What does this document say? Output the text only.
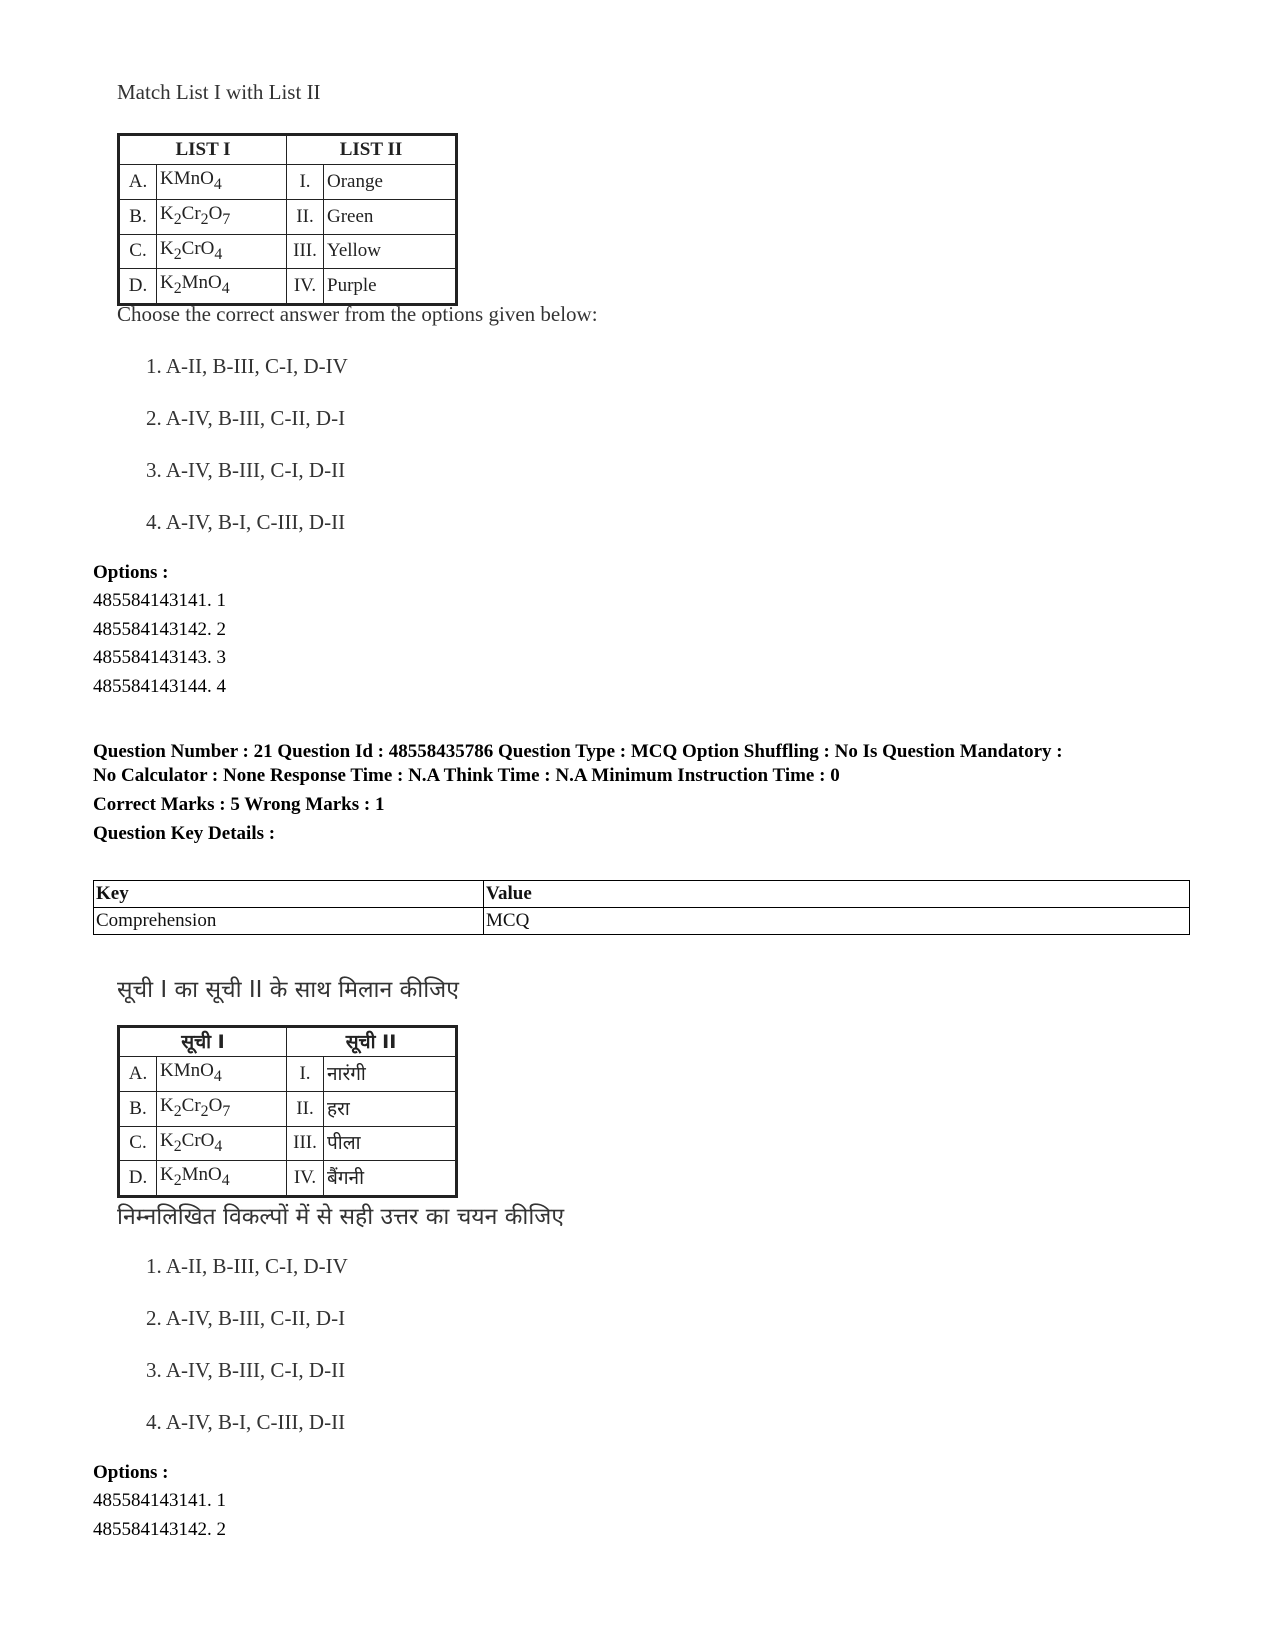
Match List I with List II
LIST I		LIST II	
A.	KMnO$_4$	I.	Orange
B.	$K_2Cr_2O_7$	II.	Green
C.	$K_2CrO_4$	III.	Yellow
D.	$K_2MnO_4$	IV.	Purple
Choose the correct answer from the options given below:
1. A-II, B-III, C-I, D-IV
2. A-IV, B-III, C-II, D-I
3. A-IV, B-III, C-I, D-II
4. A-IV, B-I, C-III, D-II
Options :
485584143141. 1
485584143142. 2
485584143143. 3
485584143144. 4
Question Number : 21 Question Id : 48558435786 Question Type : MCQ Option Shuffling : No Is Question Mandatory :
No Calculator : None Response Time : N.A Think Time : N.A Minimum Instruction Time : 0
Correct Marks : 5 Wrong Marks : 1
Question Key Details :
Key	Value
Comprehension	MCQ
सूची I का सूची II के साथ मिलान कीजिए
सूची I		सूची II	
A.	KMnO$_4$	I.	नारंगी
B.	$K_2Cr_2O_7$	II.	हरा
C.	$K_2CrO_4$	III.	पीला
D.	$K_2MnO_4$	IV.	बैंगनी
निम्नलिखित विकल्पों में से सही उत्तर का चयन कीजिए
1. A-II, B-III, C-I, D-IV
2. A-IV, B-III, C-II, D-I
3. A-IV, B-III, C-I, D-II
4. A-IV, B-I, C-III, D-II
Options :
485584143141. 1
485584143142. 2
